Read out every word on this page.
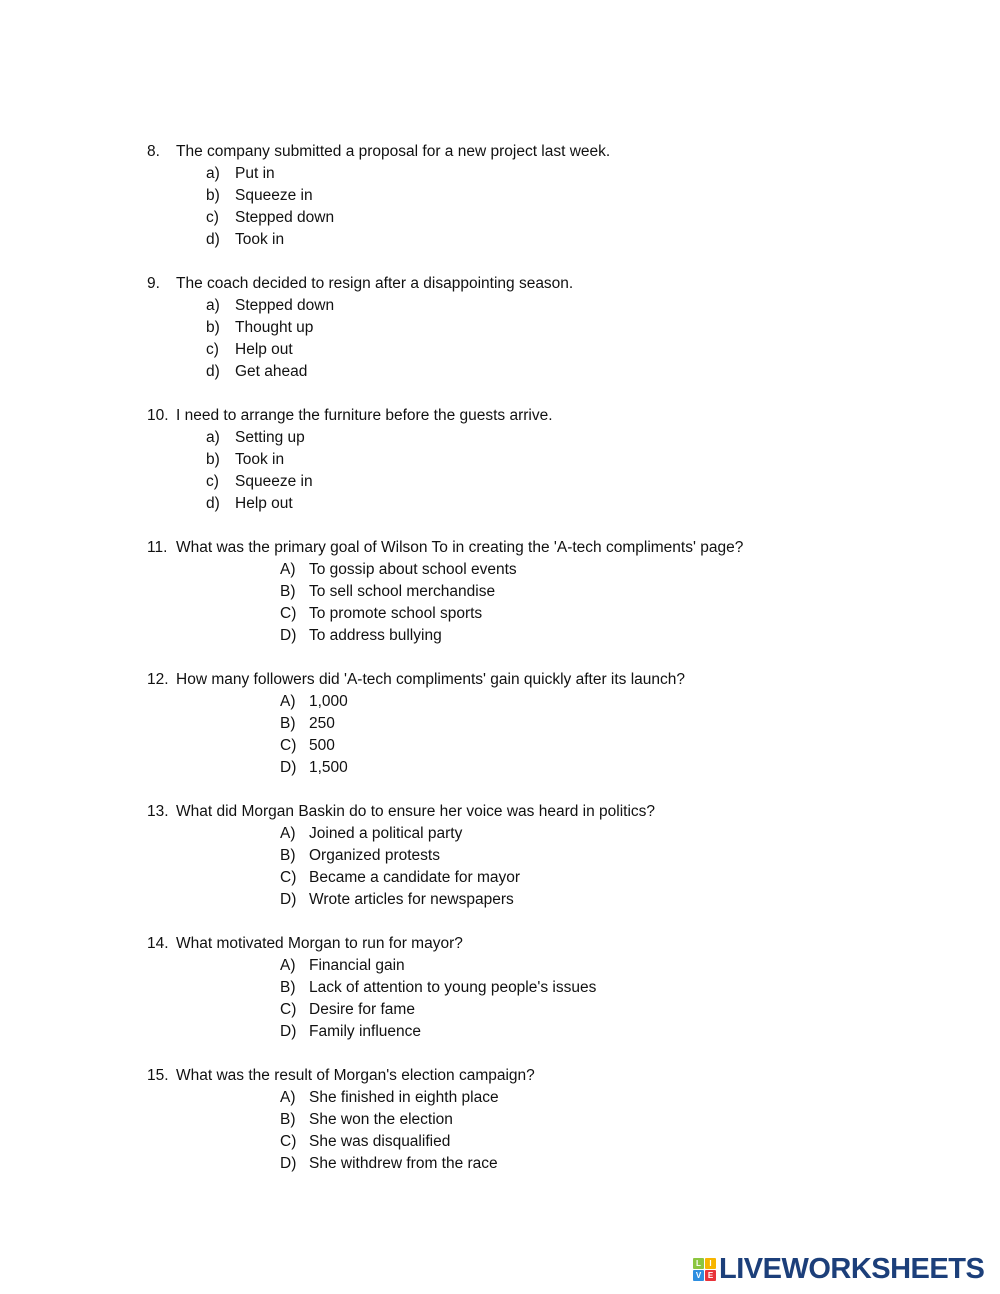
8. The company submitted a proposal for a new project last week.
a) Put in
b) Squeeze in
c) Stepped down
d) Took in
9. The coach decided to resign after a disappointing season.
a) Stepped down
b) Thought up
c) Help out
d) Get ahead
10. I need to arrange the furniture before the guests arrive.
a) Setting up
b) Took in
c) Squeeze in
d) Help out
11. What was the primary goal of Wilson To in creating the 'A-tech compliments' page?
A) To gossip about school events
B) To sell school merchandise
C) To promote school sports
D) To address bullying
12. How many followers did 'A-tech compliments' gain quickly after its launch?
A) 1,000
B) 250
C) 500
D) 1,500
13. What did Morgan Baskin do to ensure her voice was heard in politics?
A) Joined a political party
B) Organized protests
C) Became a candidate for mayor
D) Wrote articles for newspapers
14. What motivated Morgan to run for mayor?
A) Financial gain
B) Lack of attention to young people's issues
C) Desire for fame
D) Family influence
15. What was the result of Morgan's election campaign?
A) She finished in eighth place
B) She won the election
C) She was disqualified
D) She withdrew from the race
L	I
V E LIVEWORKSHEETS
